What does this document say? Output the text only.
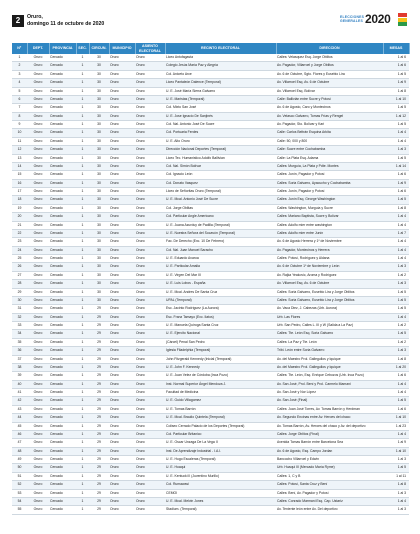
2	Oruro,
domingo 11 de octubre de 2020
ELECCIONES
GENERALES 2020
Nº	DEPT.	PROVINCIA	SEC.	CIRCUN.	MUNICIPIO	ASIENTO ELECTORAL	RECINTO ELECTORAL	DIRECCION	MESAS
1	Oruro	Cercado	1	30	Oruro	Oruro	Liceo Antofagasta	Calles: Velasquez Esq. Jorge Oblitos	1 al 6
2	Oruro	Cercado	1	30	Oruro	Oruro	Colegio Jesús María Paz y Alegría	Av. Pagador, Villarroel y Jorge Oblitos	1 al 6
3	Oruro	Cercado	1	30	Oruro	Oruro	Col. Aniceto Arce	Av. 6 de Octubre, Sgto. Flores y Eusebio Lira	1 al 5
4	Oruro	Cercado	1	30	Oruro	Oruro	Liceo Pantaleón Dalence (Temporal)	Av. Villarroel Esq. Av. 6 de Octubre	1 al 9
5	Oruro	Cercado	1	30	Oruro	Oruro	U. E. José María Sierra Galvarro	Av. Villarroel Esq. Bolívar	1 al 8
6	Oruro	Cercado	1	30	Oruro	Oruro	U. E. Maristas (Temporal)	Calle: Ballivián entre Sucre y Potosí	1 al 10
7	Oruro	Cercado	1	30	Oruro	Oruro	Col. Mixto San José	Av. 6 de Agosto, Caro y Montecinos	1 al 5
8	Oruro	Cercado	1	30	Oruro	Oruro	U. E. Jose Ignacio De Sanjinés	Av. Velasco Galvarro, Tomas Frías y Rengel	1 al 12
9	Oruro	Cercado	1	30	Oruro	Oruro	Col. Nal. Antonio José De Sucre	Av. Pagador, Sto. Bolívar y Kari	1 al 5
10	Oruro	Cercado	1	30	Oruro	Oruro	Col. Portuaria Ferdes	Calle: Carlos Beltrán Esquina Arkita	1 al 4
11	Oruro	Cercado	1	30	Oruro	Oruro	U. E. Alto Oruro	Calle: 50, 000 y 800	1 al 4
12	Oruro	Cercado	1	30	Oruro	Oruro	Dirección Nacional Deportes (Temporal)	Calle: Sucre entre Cochabamba	1 al 3
13	Oruro	Cercado	1	30	Oruro	Oruro	Liceo Tec. Humanistico Adolfo Ballivian	Calle: La Plata Esq. Adama	1 al 5
14	Oruro	Cercado	1	30	Oruro	Oruro	Col. Nal. Simón Bolívar	Calles: Murguía, La Plata y Pdte. Montes	1 al 14
15	Oruro	Cercado	1	30	Oruro	Oruro	Col. Ignacio León	Calles: Junín, Pagador y Potosí	1 al 6
16	Oruro	Cercado	1	30	Oruro	Oruro	Col. Donato Vasquez	Calles: Soria Galvarro, Ayacucho y Cochabamba	1 al 9
17	Oruro	Cercado	1	30	Oruro	Oruro	Liceo de Señoritas Oruro (Temporal)	Calles: Junín, Pagador y Potosí	1 al 6
18	Oruro	Cercado	1	30	Oruro	Oruro	U. E. Mcal. Antonio José De Sucre	Calles: Junín Esq. George Washington	1 al 5
19	Oruro	Cercado	1	30	Oruro	Oruro	Col. Jorge Oblitas	Calles: Washington, Murguía y Sucre	1 al 8
20	Oruro	Cercado	1	30	Oruro	Oruro	Col. Particular Angle Americano	Calles: Mariano Baptista, Sucre y Bolívar	1 al 4
21	Oruro	Cercado	1	30	Oruro	Oruro	U. E. Juana Azurduy de Padilla (Temporal)	Calles: Adolfo mier entre washington	1 al 4
22	Oruro	Cercado	1	30	Oruro	Oruro	U. E. Nuestra Señora del Socavón (Temporal)	Calles: Adolfo mier entre Junín	1 al 7
23	Oruro	Cercado	1	30	Oruro	Oruro	Fac. De Derecho (Exc. 10 De Febrero)	Av. 6 de Agosto Herrera y 1º de Noviembre	1 al 4
24	Oruro	Cercado	1	30	Oruro	Oruro	Col. Nal. Juan Manuel Saracho	Av. Pagador, Montecinos y Herrera	1 al 4
25	Oruro	Cercado	1	30	Oruro	Oruro	U. E. Eduardo Avaroa	Calles: Potosí, Rodríguez y Aldana	1 al 4
26	Oruro	Cercado	1	30	Oruro	Oruro	U. E. Particular Amalia	Av. 6 de Octubre 1º de Noviembre y León	1 al 3
27	Oruro	Cercado	1	30	Oruro	Oruro	U. E. Virgen Del Mar III	Av. Rajka Yeakovic, Aroma y Rodríguez	1 al 2
28	Oruro	Cercado	1	30	Oruro	Oruro	U. E. Luis Lobos - España	Av. Villarroel Esq. Av. 6 de Octubre	1 al 3
29	Oruro	Cercado	1	30	Oruro	Oruro	U. E. Mcal. Andres De Santa Cruz	Calles: Soria Galvarro, Eusebio Lira y Jorge Oblitos	1 al 5
30	Oruro	Cercado	1	30	Oruro	Oruro	UPAL (Temporal)	Calles: Soria Galvarro, Eusebio Lira y Jorge Oblitos	1 al 5
31	Oruro	Cercado	1	29	Oruro	Oruro	Esc. Jacinto Rodríguez (La Aurora)	Av. Vaca Diez, J. Cabezas (Urb. Aurora)	1 al 5
32	Oruro	Cercado	1	29	Oruro	Oruro	Esc. Franz Tamayo (Exc. Ilatos)	Urb. Las Flores	1 al 4
33	Oruro	Cercado	1	29	Oruro	Oruro	U. E. Manuela Quiroga Santa Cruz	Urb. San Pedro, Calles L. III y W (Salida a La Paz)	1 al 2
34	Oruro	Cercado	1	29	Oruro	Oruro	U. E. Ejercito Nacional	Calles: Tte. León Esq. Soria Galvarro	1 al 5
35	Oruro	Cercado	1	29	Oruro	Oruro	(Cárcel) Penal San Pedro	Calles: La Paz y Tte. León	1 al 2
36	Oruro	Cercado	1	29	Oruro	Oruro	Iglesia Filadelphia (Temporal)	Tribi. León entre Soria Galvarro	1 al 3
37	Oruro	Cercado	1	29	Oruro	Oruro	John Fitzgerald Kennedy (Inicial (Temporal)	Av. del Maestro Prol. Gallegullos y Iquique	1 al 8
38	Oruro	Cercado	1	29	Oruro	Oruro	U. E. John F. Kennedy	Av. del Maestro Prol. Gallegullos y Iquique	1 al 20
39	Oruro	Cercado	1	29	Oruro	Oruro	U. E. Juan Velez de Córdoba (Inca Pozo)	Calles: Tte. León, Esq. Enrique Cebozos (Urb. Inca Pozo)	1 al 6
40	Oruro	Cercado	1	29	Oruro	Oruro	Inst. Normal Superior Ángel Mendoza J.	Av. San José, Prol. Bení y Prol. Carmelo Mamani	1 al 4
41	Oruro	Cercado	1	29	Oruro	Oruro	Facultad de Medicina	Av. San José y Nor López	1 al 4
42	Oruro	Cercado	1	29	Oruro	Oruro	U. E. Guido Villagomez	Av. San José (Final)	1 al 5
43	Oruro	Cercado	1	29	Oruro	Oruro	U. E. Tomas Barrón	Calles: Juan José Torres, Av. Tomas Barrón y Herdman	1 al 6
44	Oruro	Cercado	1	29	Oruro	Oruro	U. E. Mcal. Braulio Quintela (Temporal)	Av. Segundo Encinas entre Av. Heroes del chaco	1 al 10
45	Oruro	Cercado	1	29	Oruro	Oruro	Coliseo Cerrado Palacio de los Deportes (Temporal)	Av. Tomas Barrón, Av. Heroes del chaco y Av. del deportivo	1 al 23
46	Oruro	Cercado	1	29	Oruro	Oruro	Col. Particular Britanico	Calles: Jorge Oblitos (Final)	1 al 4
47	Oruro	Cercado	1	29	Oruro	Oruro	U. E. Oscar Unzaga De La Vega II	Avenida Tomas Barrón entre Barcelona Sea	1 al 9
48	Oruro	Cercado	1	29	Oruro	Oruro	Inst. De Aprendizaje Industrial - I.A.I.	Av. 6 de Agosto, Esq. Campo Jordan	1 al 10
49	Oruro	Cercado	1	29	Oruro	Oruro	U. E. Hugo Escaleras (Temporal)	Bancocho Villarroel y Edwin	1 al 3
50	Oruro	Cercado	1	29	Oruro	Oruro	U. E. Huaqui	Urb. Huaqui III (Mercado María Ryme)	1 al 5
51	Oruro	Cercado	1	29	Oruro	Oruro	U. E. Kentucki II (Juventino Murillo)	Calles: 1, C y B	1 al 11
52	Oruro	Cercado	1	29	Oruro	Oruro	Col. Rumawasi	Calles: Potosí, Santa Cruz y Bení	1 al 8
53	Oruro	Cercado	1	29	Oruro	Oruro	CEMOI	Calles: Bení, Av. Pagador y Potosí	1 al 3
54	Oruro	Cercado	1	29	Oruro	Oruro	U. E. Mcal. Melvin Jones	Calles: Conrado Marmani Esq. Cap. Ustariz	1 al 4
55	Oruro	Cercado	1	29	Oruro	Oruro	Stadium. (Temporal)	Av. Teniente león entre Av. Del deportivo	1 al 3
